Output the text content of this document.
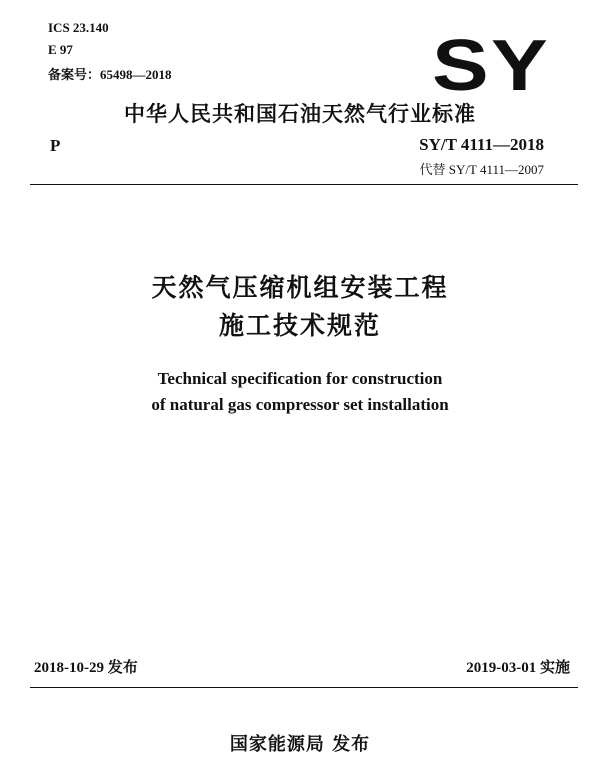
ICS 23.140
E 97
备案号：65498—2018	SY
中华人民共和国石油天然气行业标准
P	SY/T 4111—2018
代替 SY/T 4111—2007
天然气压缩机组安装工程
施工技术规范
Technical specification for construction
of natural gas compressor set installation
2018-10-29 发布	2019-03-01 实施
国家能源局 发布
